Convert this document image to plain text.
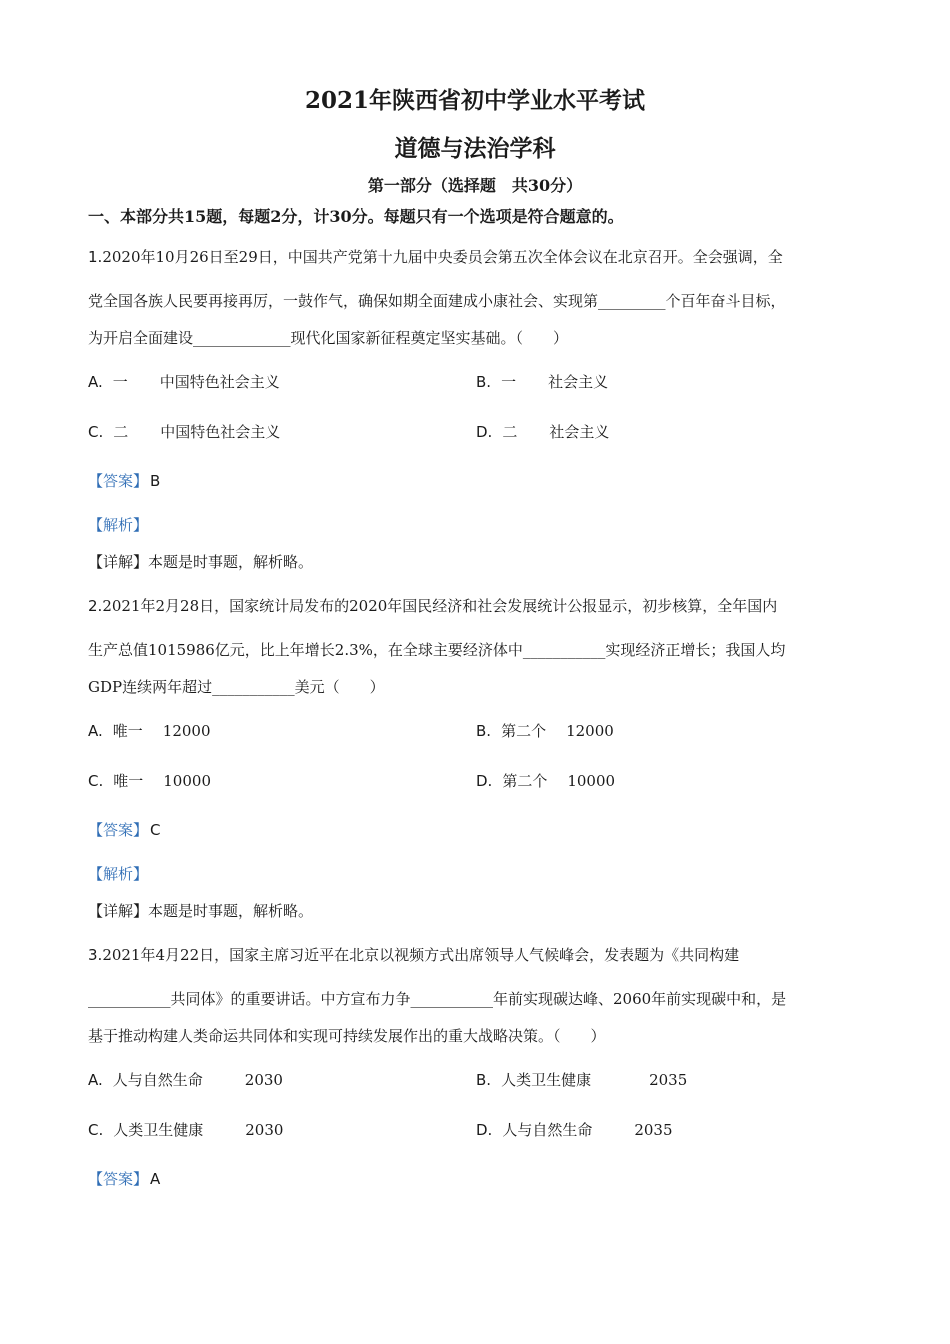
2021年陕西省初中学业水平考试
道德与法治学科
第一部分（选择题　共30分）
一、本部分共15题，每题2分，计30分。每题只有一个选项是符合题意的。
1.2020年10月26日至29日，中国共产党第十九届中央委员会第五次全体会议在北京召开。全会强调，全
党全国各族人民要再接再厉，一鼓作气，确保如期全面建成小康社会、实现第_________个百年奋斗目标，
为开启全面建设_____________现代化国家新征程奠定坚实基础。（　　）
A. 一 中国特色社会主义	B. 一 社会主义
C. 二 中国特色社会主义	D. 二 社会主义
【答案】 B
【解析】
【详解】本题是时事题，解析略。
2.2021年2月28日，国家统计局发布的2020年国民经济和社会发展统计公报显示，初步核算，全年国内
生产总值1015986亿元，比上年增长2.3%，在全球主要经济体中___________实现经济正增长；我国人均
GDP连续两年超过___________美元（　　）
A. 唯一 12000	B. 第二个 12000
C. 唯一 10000	D. 第二个 10000
【答案】 C
【解析】
【详解】本题是时事题，解析略。
3.2021年4月22日，国家主席习近平在北京以视频方式出席领导人气候峰会，发表题为《共同构建
___________共同体》的重要讲话。中方宣布力争___________年前实现碳达峰、2060年前实现碳中和，是
基于推动构建人类命运共同体和实现可持续发展作出的重大战略决策。（　　）
A. 人与自然生命	2030	B. 人类卫生健康	2035
C. 人类卫生健康	2030	D. 人与自然生命	2035
【答案】 A
